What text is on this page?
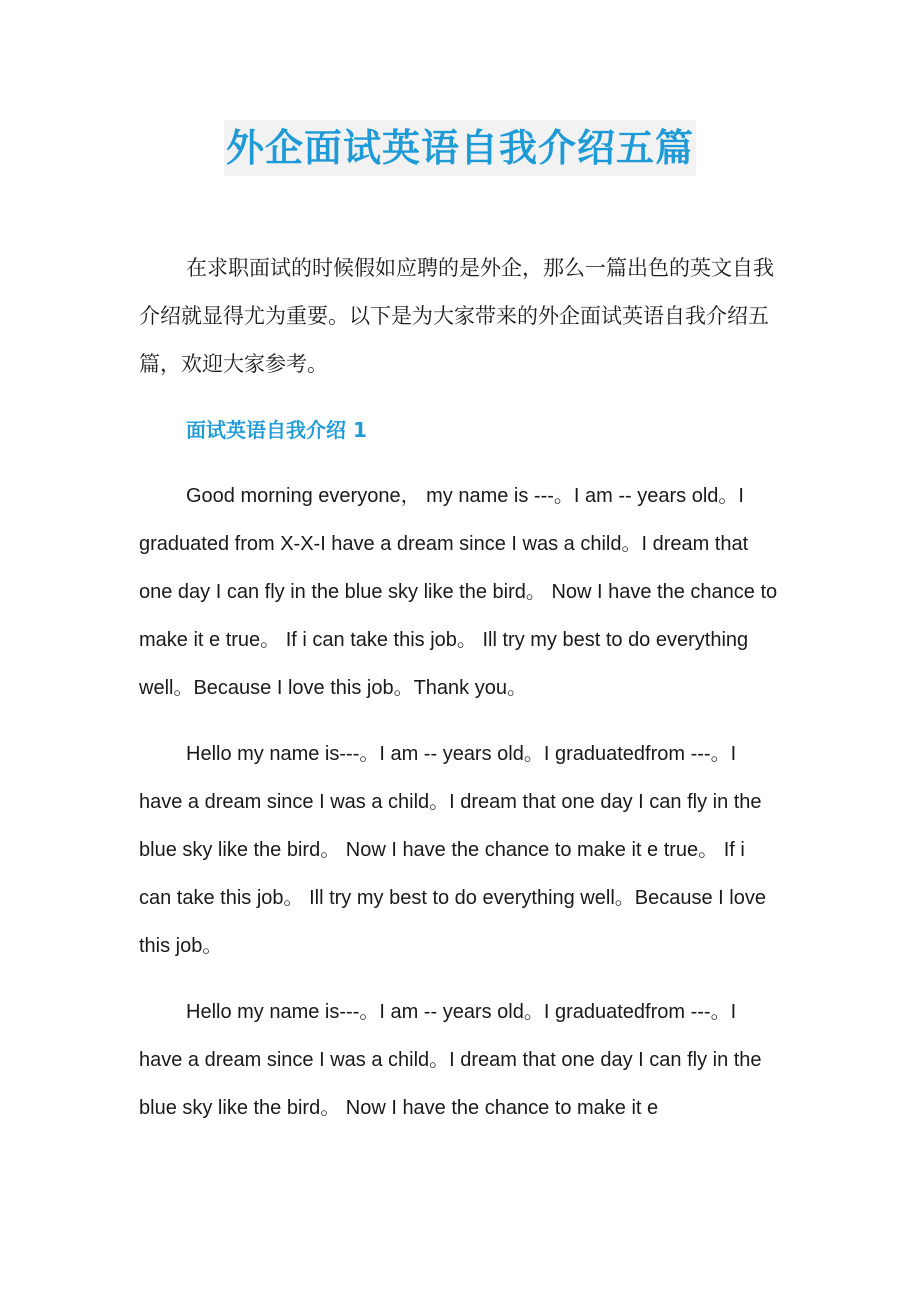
外企面试英语自我介绍五篇

在求职面试的时候假如应聘的是外企，那么一篇出色的英文自我介绍就显得尤为重要。以下是为大家带来的外企面试英语自我介绍五篇，欢迎大家参考。

面试英语自我介绍 1

Good morning everyone， my name is ---。I am -- years old。I graduated from X-X-I have a dream since I was a child。I dream that one day I can fly in the blue sky like the bird。 Now I have the chance to make it e true。 If i can take this job。 Ill try my best to do everything well。Because I love this job。Thank you。

Hello my name is---。I am -- years old。I graduatedfrom ---。I have a dream since I was a child。I dream that one day I can fly in the blue sky like the bird。 Now I have the chance to make it e true。 If i can take this job。 Ill try my best to do everything well。Because I love this job。

Hello my name is---。I am -- years old。I graduatedfrom ---。I have a dream since I was a child。I dream that one day I can fly in the blue sky like the bird。 Now I have the chance to make it e
